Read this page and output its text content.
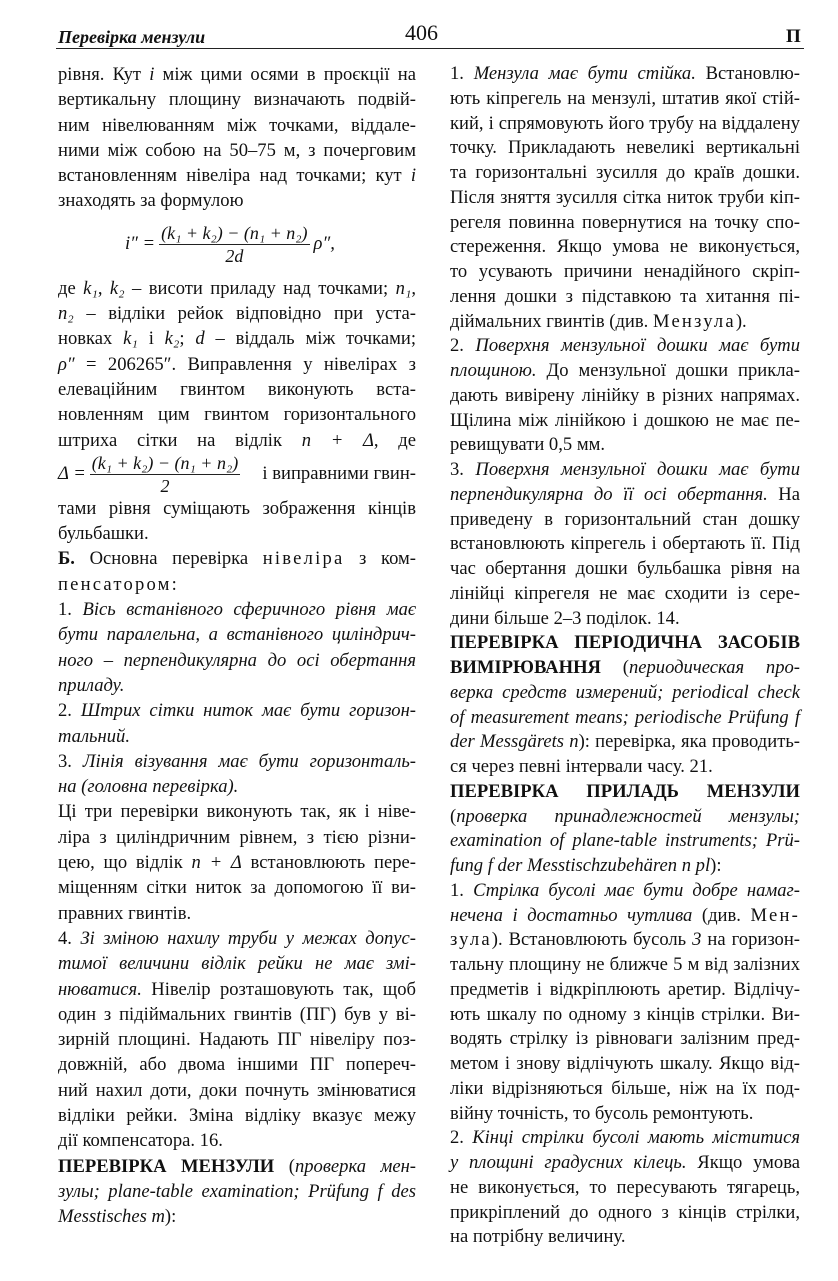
Перевірка мензули	406	П
рівня. Кут i між цими осями в проєкції на
вертикальну площину визначають подвій-
ним нівелюванням між точками, віддале-
ними між собою на 50–75 м, з почерговим
встановленням нівеліра над точками; кут i
знаходять за формулою
$i'' = \frac{\text{(k₁ + k₂) − (n₁ + n₂)}}{2d} \rho''$,
де k₁, k₂ – висоти приладу над точками; n₁,
n₂ – відліки рейок відповідно при уста-
новках k₁ і k₂; d – віддаль між точками;
ρ″ = 206265″. Виправлення у нівелірах з
елеваційним гвинтом виконують вста-
новленням цим гвинтом горизонтального
штриха сітки на відлік n + Δ, де
$\Delta = \frac{\text{(k₁ + k₂) − (n₁ + n₂)}}{2}$ і виправними гвин-
тами рівня суміщають зображення кінців
бульбашки.
Б. Основна перевірка нівеліра з ком-
пенсатором:
1. Вісь встанівного сферичного рівня має
бути паралельна, а встанівного циліндрич-
ного – перпендикулярна до осі обертання
приладу.
2. Штрих сітки ниток має бути горизон-
тальний.
3. Лінія візування має бути горизонталь-
на (головна перевірка).
Ці три перевірки виконують так, як і ніве-
ліра з циліндричним рівнем, з тією різни-
цею, що відлік n + Δ встановлюють пере-
міщенням сітки ниток за допомогою її ви-
правних гвинтів.
4. Зі зміною нахилу труби у межах допус-
тимої величини відлік рейки не має змі-
нюватися. Нівелір розташовують так, щоб
один з підіймальних гвинтів (ПГ) був у ві-
зирній площині. Надають ПГ нівеліру поз-
довжній, або двома іншими ПГ попереч-
ний нахил доти, доки почнуть змінюватися
відліки рейки. Зміна відліку вказує межу
дії компенсатора. 16.
ПЕРЕВІРКА МЕНЗУЛИ (проверка мен-
зулы; plane-table examination; Prüfung f des
Messtisches m):
1. Мензула має бути стійка. Встановлю-
ють кіпрегель на мензулі, штатив якої стій-
кий, і спрямовують його трубу на віддалену
точку. Прикладають невеликі вертикальні
та горизонтальні зусилля до країв дошки.
Після зняття зусилля сітка ниток труби кіп-
регеля повинна повернутися на точку спо-
стереження. Якщо умова не виконується,
то усувають причини ненадійного скріп-
лення дошки з підставкою та хитання пі-
діймальних гвинтів (див. Мензула).
2. Поверхня мензульної дошки має бути
площиною. До мензульної дошки прикла-
дають вивірену лінійку в різних напрямах.
Щілина між лінійкою і дошкою не має пе-
ревищувати 0,5 мм.
3. Поверхня мензульної дошки має бути
перпендикулярна до її осі обертання. На
приведену в горизонтальний стан дошку
встановлюють кіпрегель і обертають її. Під
час обертання дошки бульбашка рівня на
лінійці кіпрегеля не має сходити із сере-
дини більше 2–3 поділок. 14.
ПЕРЕВІРКА ПЕРІОДИЧНА ЗАСОБІВ
ВИМІРЮВАННЯ (периодическая про-
верка средств измерений; periodical check
of measurement means; periodische Prüfung f
der Messgärets n): перевірка, яка проводить-
ся через певні інтервали часу. 21.
ПЕРЕВІРКА ПРИЛАДЬ МЕНЗУЛИ
(проверка принадлежностей мензулы;
examination of plane-table instruments; Prü-
fung f der Messtischzubehären n pl):
1. Стрілка бусолі має бути добре намаг-
нечена і достатньо чутлива (див. Мен-
зула). Встановлюють бусоль 3 на горизон-
тальну площину не ближче 5 м від залізних
предметів і відкріплюють аретир. Відлічу-
ють шкалу по одному з кінців стрілки. Ви-
водять стрілку із рівноваги залізним пред-
метом і знову відлічують шкалу. Якщо від-
ліки відрізняються більше, ніж на їх под-
війну точність, то бусоль ремонтують.
2. Кінці стрілки бусолі мають міститися
у площині градусних кілець. Якщо умова
не виконується, то пересувають тягарець,
прикріплений до одного з кінців стрілки,
на потрібну величину.
